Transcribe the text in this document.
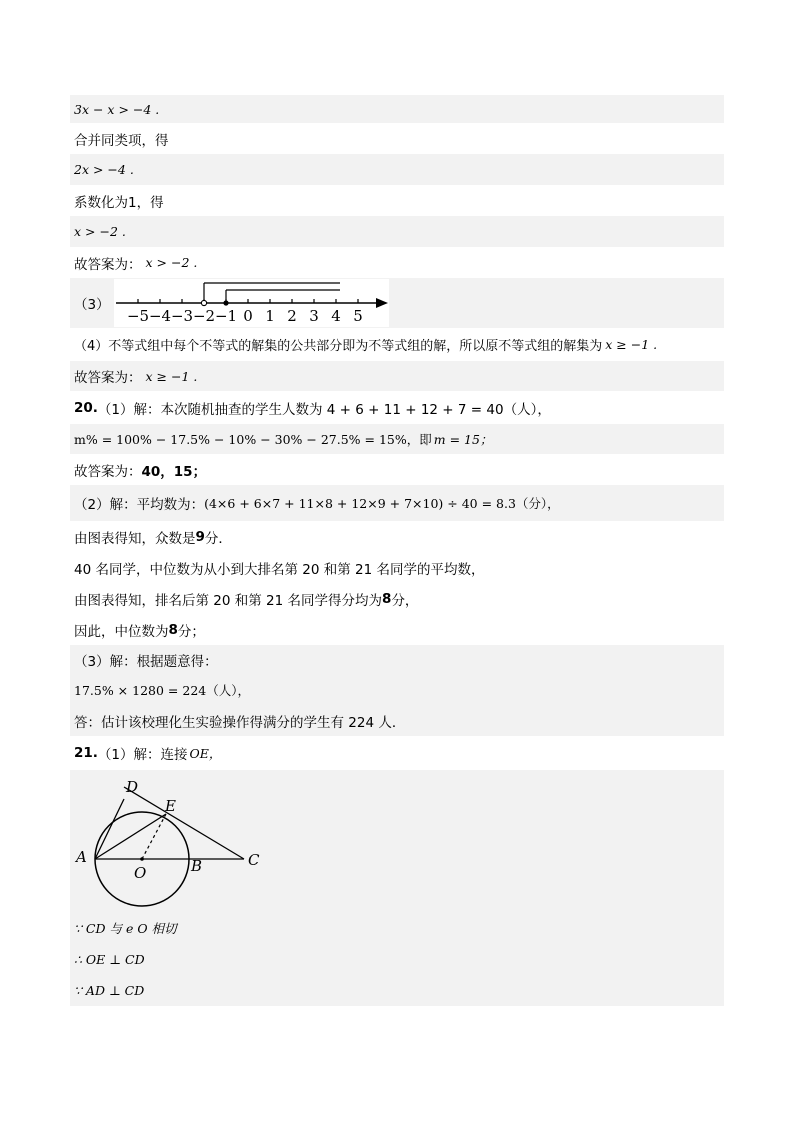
3x − x > −4 .
合并同类项，得
2x > −4 .
系数化为1，得
x > −2 .
故答案为： x > −2 .
（3）
−5 −4 −3 −2 −1 0 1 2 3 4 5
（4）不等式组中每个不等式的解集的公共部分即为不等式组的解，所以原不等式组的解集为 x ≥ −1 .
故答案为： x ≥ −1 .
20. （1）解：本次随机抽查的学生人数为 4 + 6 + 11 + 12 + 7 = 40（人），
m% = 100% − 17.5% − 10% − 30% − 27.5% = 15%，即 m = 15；
故答案为： 40，15；
（2）解：平均数为： (4×6 + 6×7 + 11×8 + 12×9 + 7×10) ÷ 40 = 8.3（分），
由图表得知，众数是 9 分．
40 名同学，中位数为从小到大排名第 20 和第 21 名同学的平均数，
由图表得知，排名后第 20 和第 21 名同学得分均为 8 分，
因此，中位数为 8 分；
（3）解：根据题意得：
17.5% × 1280 = 224（人），
答：估计该校理化生实验操作得满分的学生有 224 人．
21. （1）解：连接 OE，
D
E
A
O	B	C
∵ CD 与 e O 相切
∴ OE ⊥ CD
∵ AD ⊥ CD
